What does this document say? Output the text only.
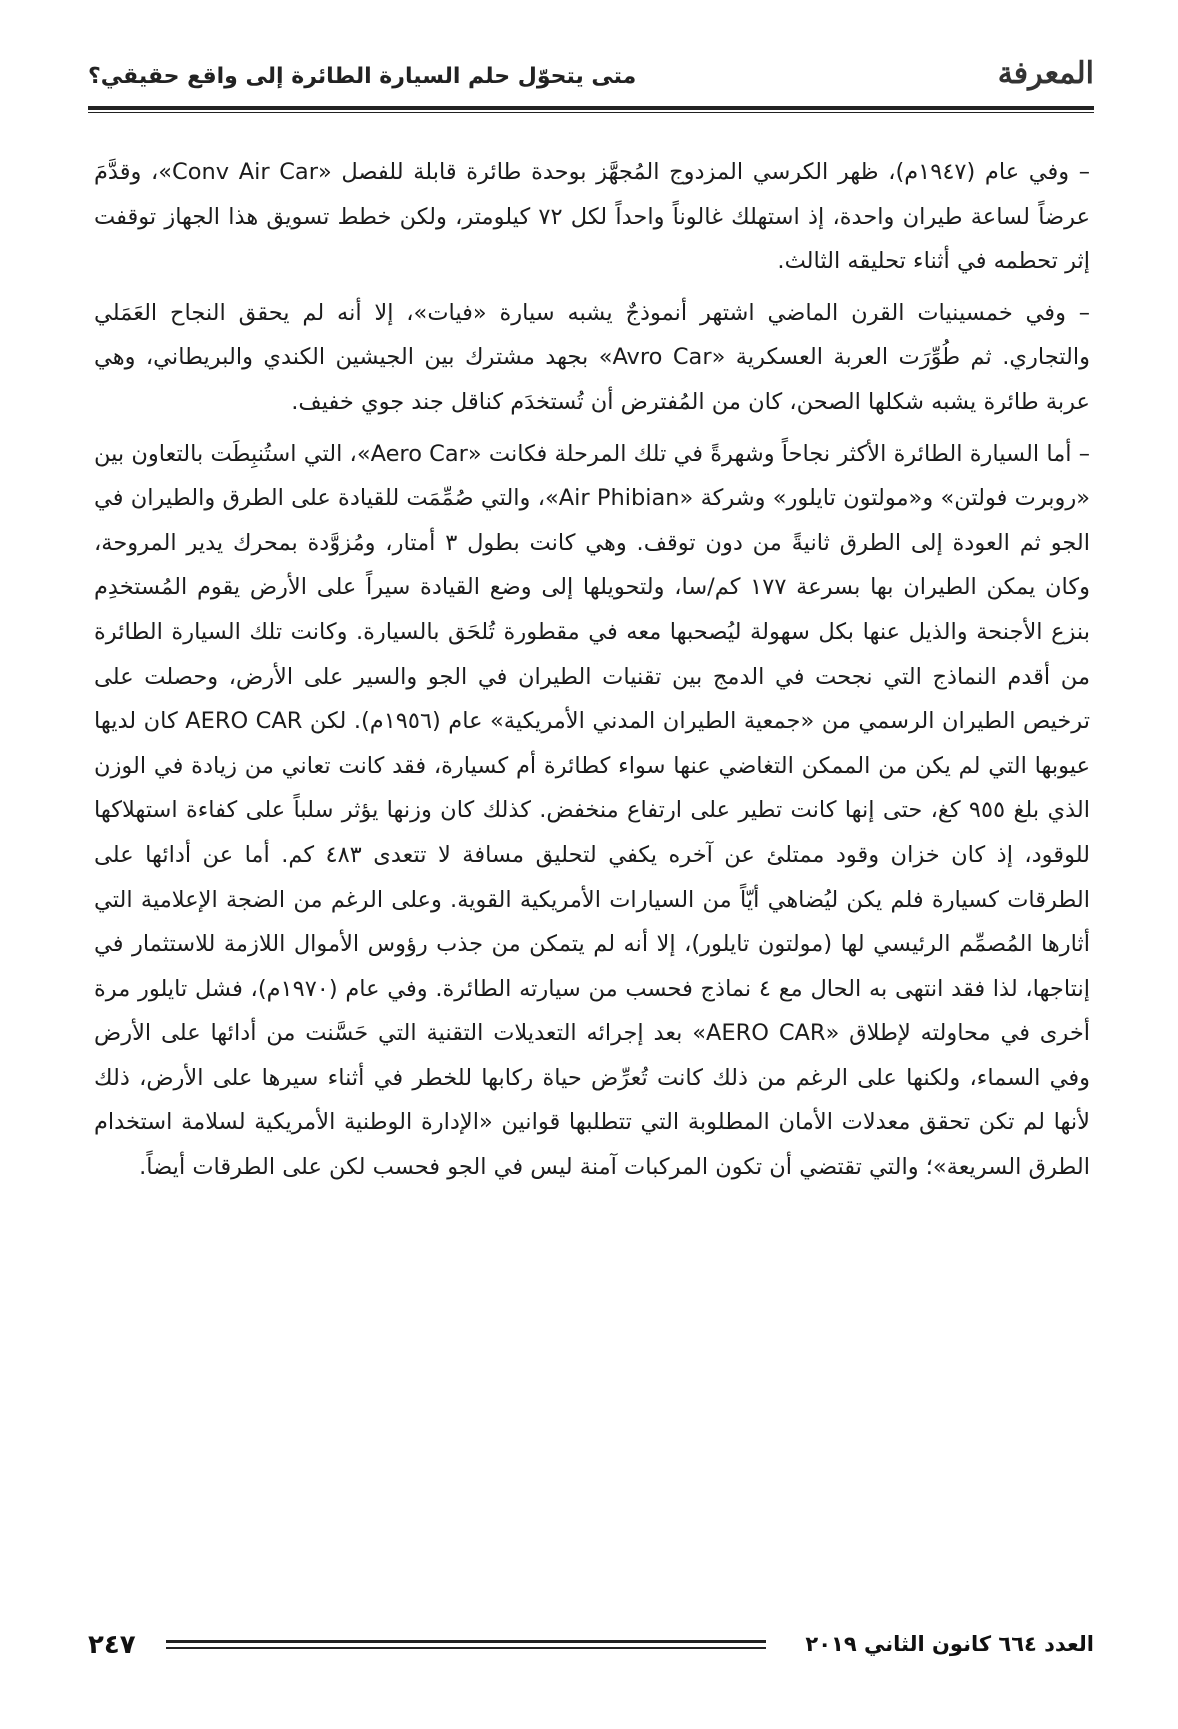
المعرفة
متى يتحوّل حلم السيارة الطائرة إلى واقع حقيقي؟

– وفي عام (١٩٤٧م)، ظهر الكرسي المزدوج المُجهَّز بوحدة طائرة قابلة للفصل «Conv Air Car»، وقدَّمَ عرضاً لساعة طيران واحدة، إذ استهلك غالوناً واحداً لكل ٧٢ كيلومتر، ولكن خطط تسويق هذا الجهاز توقفت إثر تحطمه في أثناء تحليقه الثالث.

– وفي خمسينيات القرن الماضي اشتهر أنموذجٌ يشبه سيارة «فيات»، إلا أنه لم يحقق النجاح العَمَلي والتجاري. ثم طُوِّرَت العربة العسكرية «Avro Car» بجهد مشترك بين الجيشين الكندي والبريطاني، وهي عربة طائرة يشبه شكلها الصحن، كان من المُفترض أن تُستخدَم كناقل جند جوي خفيف.

– أما السيارة الطائرة الأكثر نجاحاً وشهرةً في تلك المرحلة فكانت «Aero Car»، التي استُنبِطَت بالتعاون بين «روبرت فولتن» و«مولتون تايلور» وشركة «Air Phibian»، والتي صُمِّمَت للقيادة على الطرق والطيران في الجو ثم العودة إلى الطرق ثانيةً من دون توقف. وهي كانت بطول ٣ أمتار، ومُزوَّدة بمحرك يدير المروحة، وكان يمكن الطيران بها بسرعة ١٧٧ كم/سا، ولتحويلها إلى وضع القيادة سيراً على الأرض يقوم المُستخدِم بنزع الأجنحة والذيل عنها بكل سهولة ليُصحبها معه في مقطورة تُلحَق بالسيارة. وكانت تلك السيارة الطائرة من أقدم النماذج التي نجحت في الدمج بين تقنيات الطيران في الجو والسير على الأرض، وحصلت على ترخيص الطيران الرسمي من «جمعية الطيران المدني الأمريكية» عام (١٩٥٦م). لكن AERO CAR كان لديها عيوبها التي لم يكن من الممكن التغاضي عنها سواء كطائرة أم كسيارة، فقد كانت تعاني من زيادة في الوزن الذي بلغ ٩٥٥ كغ، حتى إنها كانت تطير على ارتفاع منخفض. كذلك كان وزنها يؤثر سلباً على كفاءة استهلاكها للوقود، إذ كان خزان وقود ممتلئ عن آخره يكفي لتحليق مسافة لا تتعدى ٤٨٣ كم. أما عن أدائها على الطرقات كسيارة فلم يكن ليُضاهي أيّاً من السيارات الأمريكية القوية. وعلى الرغم من الضجة الإعلامية التي أثارها المُصمِّم الرئيسي لها (مولتون تايلور)، إلا أنه لم يتمكن من جذب رؤوس الأموال اللازمة للاستثمار في إنتاجها، لذا فقد انتهى به الحال مع ٤ نماذج فحسب من سيارته الطائرة. وفي عام (١٩٧٠م)، فشل تايلور مرة أخرى في محاولته لإطلاق «AERO CAR» بعد إجرائه التعديلات التقنية التي حَسَّنت من أدائها على الأرض وفي السماء، ولكنها على الرغم من ذلك كانت تُعرِّض حياة ركابها للخطر في أثناء سيرها على الأرض، ذلك لأنها لم تكن تحقق معدلات الأمان المطلوبة التي تتطلبها قوانين «الإدارة الوطنية الأمريكية لسلامة استخدام الطرق السريعة»؛ والتي تقتضي أن تكون المركبات آمنة ليس في الجو فحسب لكن على الطرقات أيضاً.

٢٤٧	العدد ٦٦٤ كانون الثاني ٢٠١٩
